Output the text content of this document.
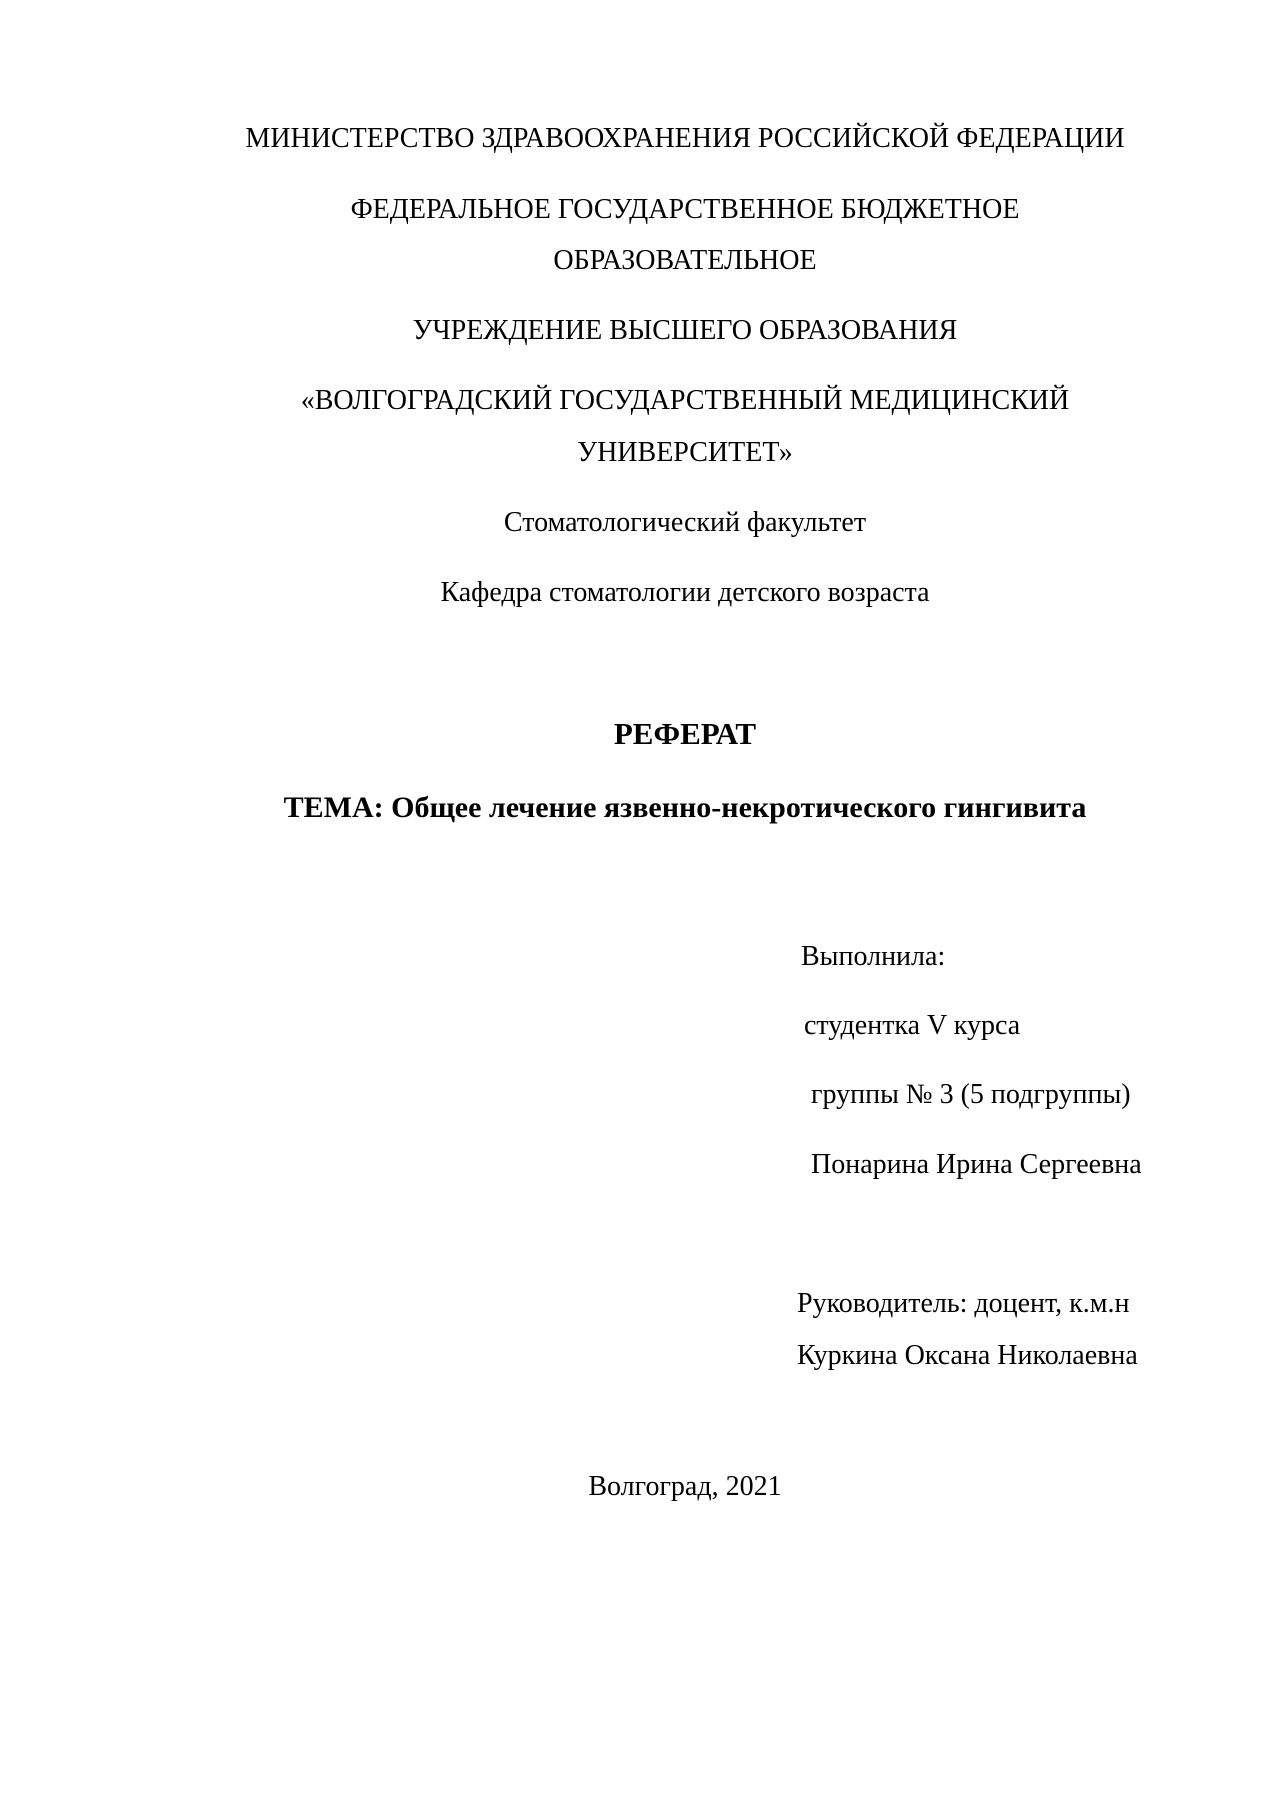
МИНИСТЕРСТВО ЗДРАВООХРАНЕНИЯ РОССИЙСКОЙ ФЕДЕРАЦИИ
ФЕДЕРАЛЬНОЕ ГОСУДАРСТВЕННОЕ БЮДЖЕТНОЕ
ОБРАЗОВАТЕЛЬНОЕ
УЧРЕЖДЕНИЕ ВЫСШЕГО ОБРАЗОВАНИЯ
«ВОЛГОГРАДСКИЙ ГОСУДАРСТВЕННЫЙ МЕДИЦИНСКИЙ
УНИВЕРСИТЕТ»
Стоматологический факультет
Кафедра стоматологии детского возраста
РЕФЕРАТ
ТЕМА: Общее лечение язвенно-некротического гингивита
Выполнила:
студентка V курса
группы № 3 (5 подгруппы)
Понарина Ирина Сергеевна
Руководитель: доцент, к.м.н
Куркина Оксана Николаевна
Волгоград, 2021
